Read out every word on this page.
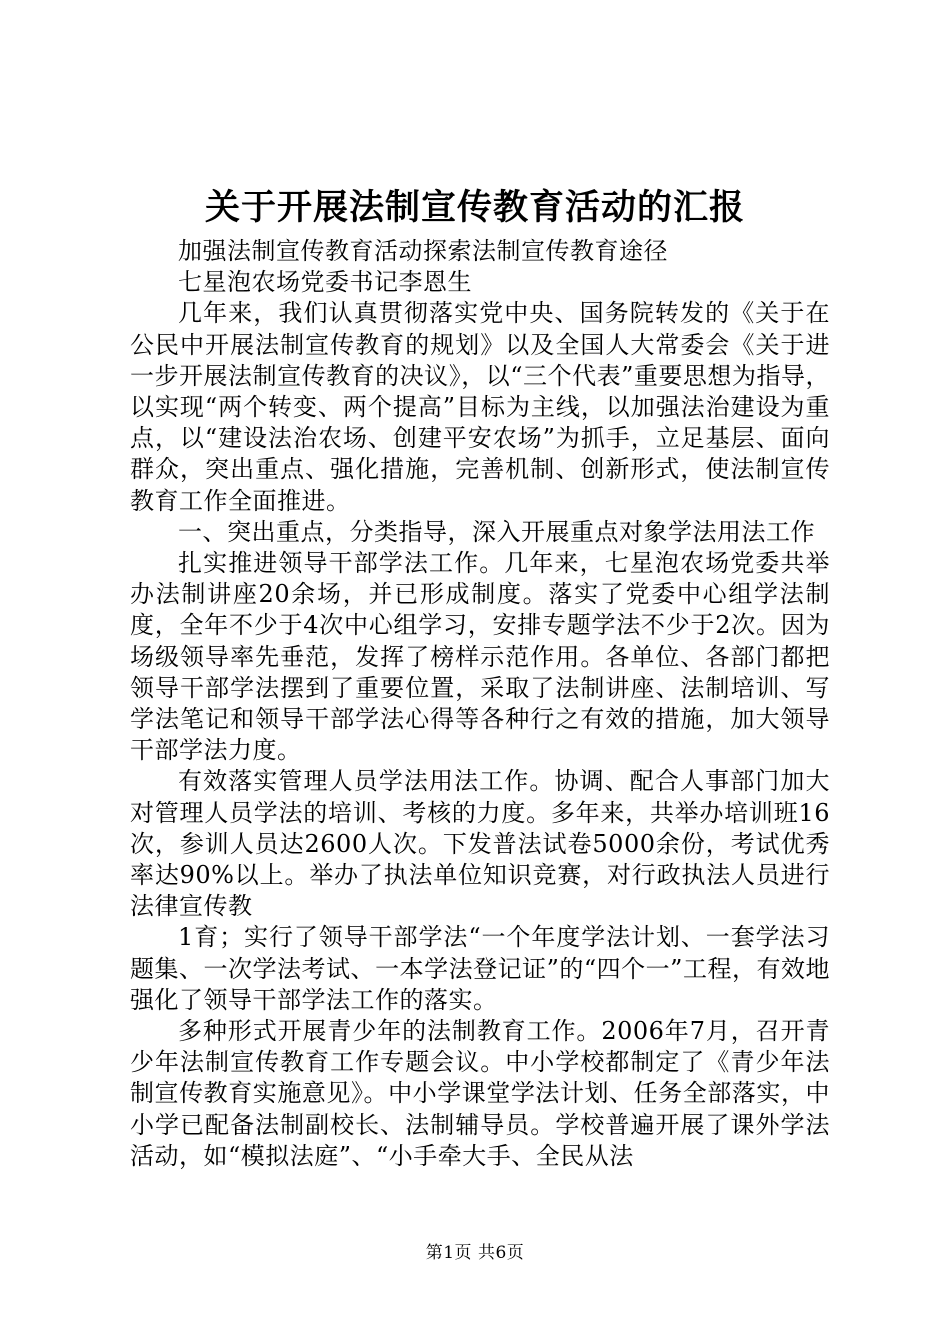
关于开展法制宣传教育活动的汇报

加强法制宣传教育活动探索法制宣传教育途径

七星泡农场党委书记李恩生

几年来，我们认真贯彻落实党中央、国务院转发的《关于在公民中开展法制宣传教育的规划》以及全国人大常委会《关于进一步开展法制宣传教育的决议》，以“三个代表”重要思想为指导，以实现“两个转变、两个提高”目标为主线，以加强法治建设为重点，以“建设法治农场、创建平安农场”为抓手，立足基层、面向群众，突出重点、强化措施，完善机制、创新形式，使法制宣传教育工作全面推进。

一、突出重点，分类指导，深入开展重点对象学法用法工作

扎实推进领导干部学法工作。几年来，七星泡农场党委共举办法制讲座20余场，并已形成制度。落实了党委中心组学法制度，全年不少于4次中心组学习，安排专题学法不少于2次。因为场级领导率先垂范，发挥了榜样示范作用。各单位、各部门都把领导干部学法摆到了重要位置，采取了法制讲座、法制培训、写学法笔记和领导干部学法心得等各种行之有效的措施，加大领导干部学法力度。

有效落实管理人员学法用法工作。协调、配合人事部门加大对管理人员学法的培训、考核的力度。多年来，共举办培训班16次，参训人员达2600人次。下发普法试卷5000余份，考试优秀率达90%以上。举办了执法单位知识竞赛，对行政执法人员进行法律宣传教

1育；实行了领导干部学法“一个年度学法计划、一套学法习题集、一次学法考试、一本学法登记证”的“四个一”工程，有效地强化了领导干部学法工作的落实。

多种形式开展青少年的法制教育工作。2006年7月，召开青少年法制宣传教育工作专题会议。中小学校都制定了《青少年法制宣传教育实施意见》。中小学课堂学法计划、任务全部落实，中小学已配备法制副校长、法制辅导员。学校普遍开展了课外学法活动，如“模拟法庭”、“小手牵大手、全民从法

第1页 共6页
